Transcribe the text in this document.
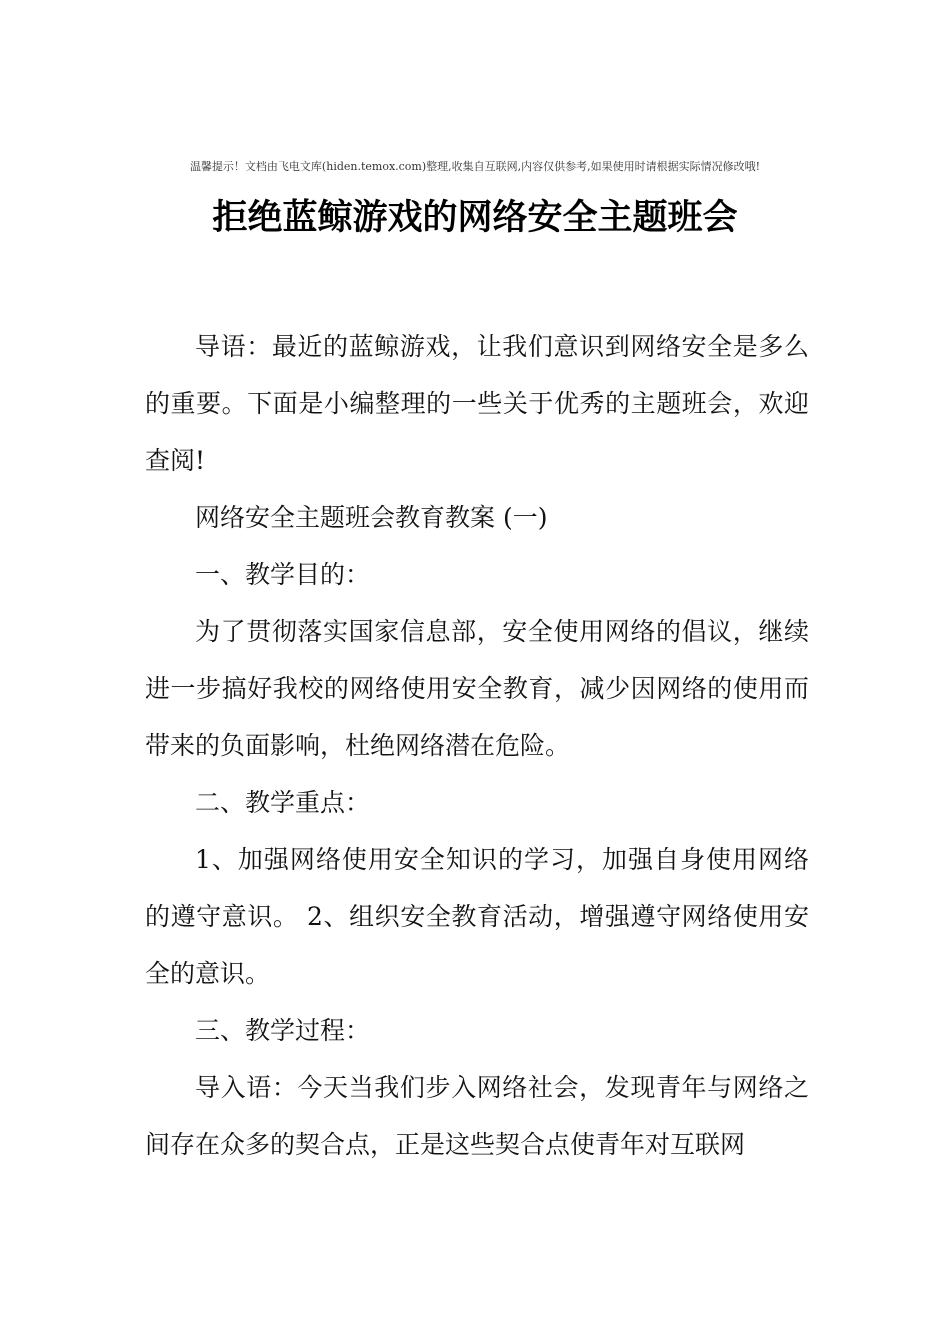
温馨提示！文档由飞电文库(hiden.temox.com)整理,收集自互联网,内容仅供参考,如果使用时请根据实际情况修改哦!
拒绝蓝鲸游戏的网络安全主题班会

导语：最近的蓝鲸游戏，让我们意识到网络安全是多么的重要。下面是小编整理的一些关于优秀的主题班会，欢迎查阅!

网络安全主题班会教育教案 (一)

一、教学目的：

为了贯彻落实国家信息部，安全使用网络的倡议，继续进一步搞好我校的网络使用安全教育，减少因网络的使用而带来的负面影响，杜绝网络潜在危险。

二、教学重点：

1、加强网络使用安全知识的学习，加强自身使用网络的遵守意识。 2、组织安全教育活动，增强遵守网络使用安全的意识。

三、教学过程：

导入语：今天当我们步入网络社会，发现青年与网络之间存在众多的契合点，正是这些契合点使青年对互联网
